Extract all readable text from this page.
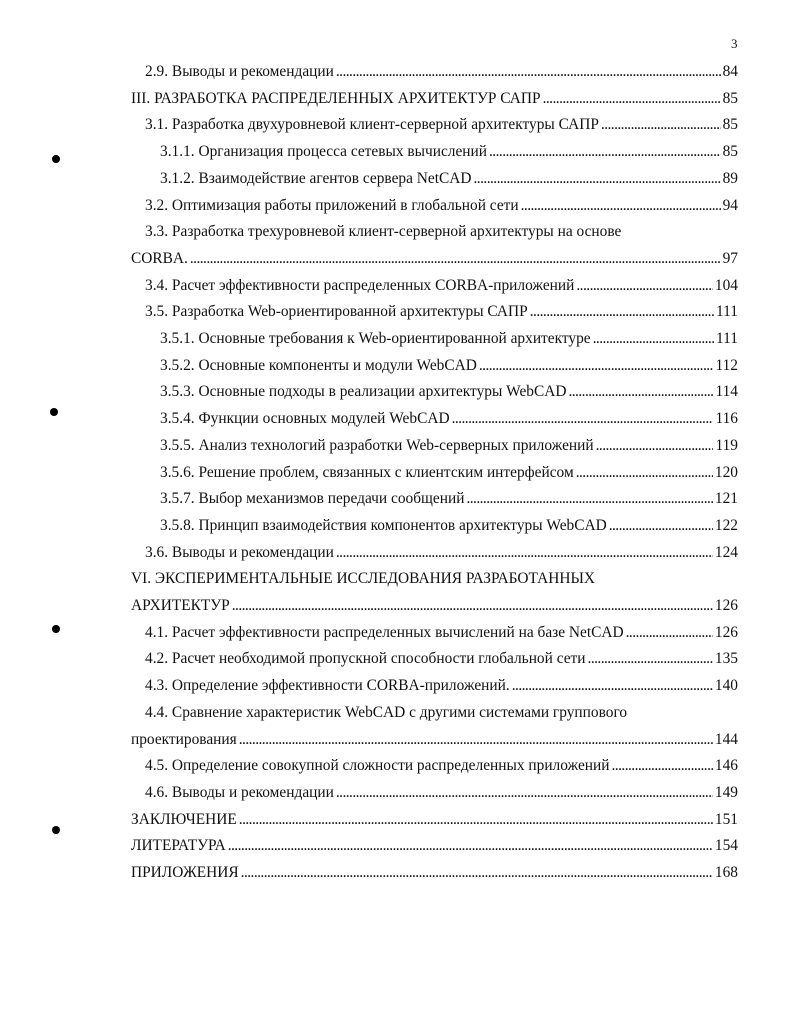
3
2.9. Выводы и рекомендации . . .	84
III. РАЗРАБОТКА РАСПРЕДЕЛЕННЫХ АРХИТЕКТУР САПР . . .	85
3.1. Разработка двухуровневой клиент-серверной архитектуры САПР . . .	85
3.1.1. Организация процесса сетевых вычислений . . .	85
3.1.2. Взаимодействие агентов сервера NetCAD . . .	89
3.2. Оптимизация работы приложений в глобальной сети . . .	94
3.3. Разработка трехуровневой клиент-серверной архитектуры на основе
CORBA. . . .	97
3.4. Расчет эффективности распределенных CORBA-приложений . . .	104
3.5. Разработка Web-ориентированной архитектуры САПР . . .	111
3.5.1. Основные требования к Web-ориентированной архитектуре . . .	111
3.5.2. Основные компоненты и модули WebCAD . . .	112
3.5.3. Основные подходы в реализации архитектуры WebCAD . . .	114
3.5.4. Функции основных модулей WebCAD . . .	116
3.5.5. Анализ технологий разработки Web-серверных приложений . . .	119
3.5.6. Решение проблем, связанных с клиентским интерфейсом . . .	120
3.5.7. Выбор механизмов передачи сообщений . . .	121
3.5.8. Принцип взаимодействия компонентов архитектуры WebCAD . . .	122
3.6. Выводы и рекомендации . . .	124
VI. ЭКСПЕРИМЕНТАЛЬНЫЕ ИССЛЕДОВАНИЯ РАЗРАБОТАННЫХ
АРХИТЕКТУР . . .	126
4.1. Расчет эффективности распределенных вычислений на базе NetCAD . . .	126
4.2. Расчет необходимой пропускной способности глобальной сети . . .	135
4.3. Определение эффективности CORBA-приложений. . . .	140
4.4. Сравнение характеристик WebCAD с другими системами группового
проектирования . . .	144
4.5. Определение совокупной сложности распределенных приложений . . .	146
4.6. Выводы и рекомендации . . .	149
ЗАКЛЮЧЕНИЕ . . .	151
ЛИТЕРАТУРА . . .	154
ПРИЛОЖЕНИЯ . . .	168
